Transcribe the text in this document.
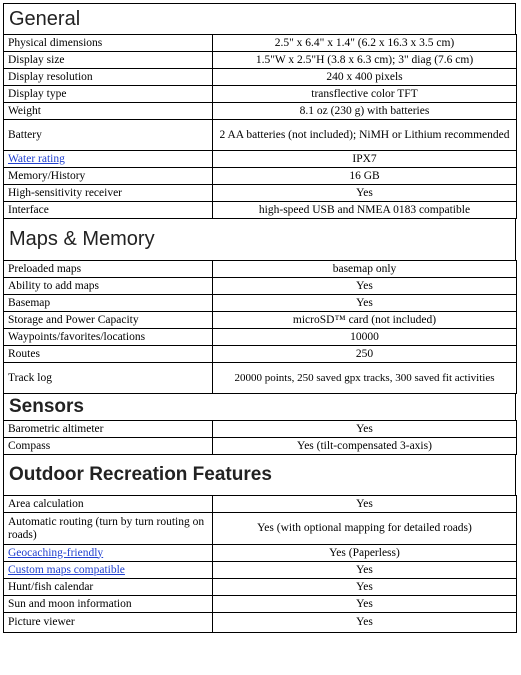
General
Physical dimensions	2.5" x 6.4" x 1.4" (6.2 x 16.3 x 3.5 cm)
Display size	1.5"W x 2.5"H (3.8 x 6.3 cm); 3" diag (7.6 cm)
Display resolution	240 x 400 pixels
Display type	transflective color TFT
Weight	8.1 oz (230 g) with batteries
Battery	2 AA batteries (not included); NiMH or Lithium recommended
Water rating	IPX7
Memory/History	16 GB
High-sensitivity receiver	Yes
Interface	high-speed USB and NMEA 0183 compatible
Maps & Memory
Preloaded maps	basemap only
Ability to add maps	Yes
Basemap	Yes
Storage and Power Capacity	microSD™ card (not included)
Waypoints/favorites/locations	10000
Routes	250
Track log	20000 points, 250 saved gpx tracks, 300 saved fit activities
Sensors
Barometric altimeter	Yes
Compass	Yes (tilt-compensated 3-axis)
Outdoor Recreation Features
Area calculation	Yes
Automatic routing (turn by turn routing on roads)	Yes (with optional mapping for detailed roads)
Geocaching-friendly	Yes (Paperless)
Custom maps compatible	Yes
Hunt/fish calendar	Yes
Sun and moon information	Yes
Picture viewer	Yes
